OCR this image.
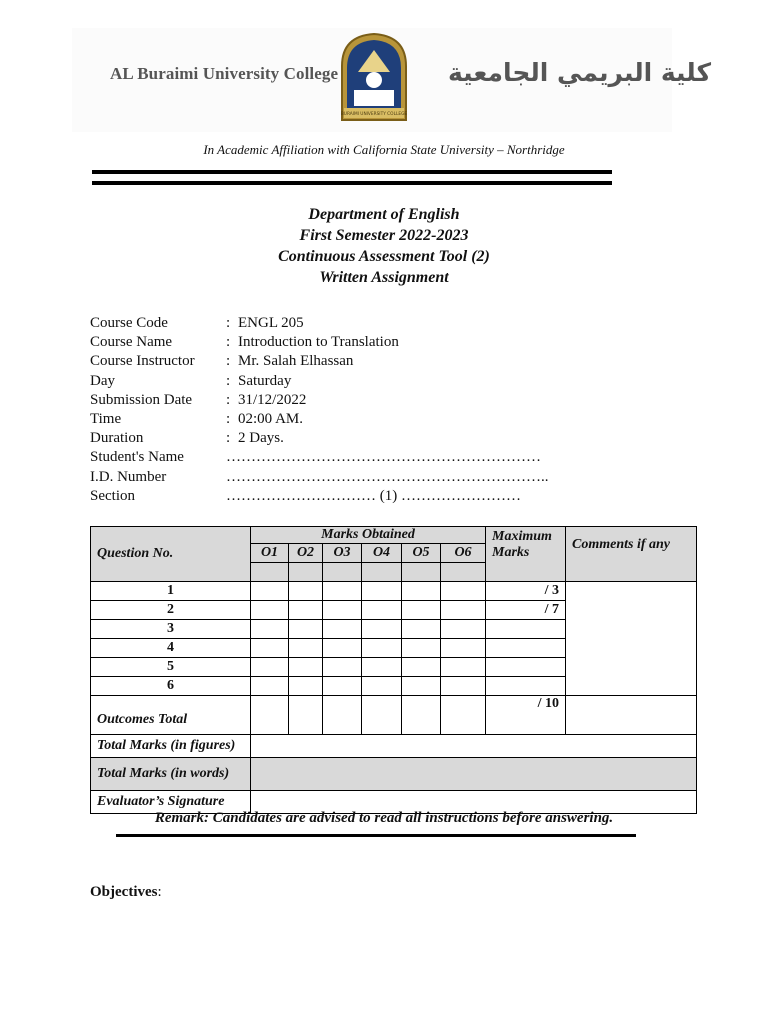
AL Buraimi University College
BURAIMI UNIVERSITY COLLEGE
كلية البريمي الجامعية
In Academic Affiliation with California State University – Northridge
Department of English
First Semester 2022-2023
Continuous Assessment Tool (2)
Written Assignment
Course Code	: ENGL 205
Course Name	: Introduction to Translation
Course Instructor	: Mr. Salah Elhassan
Day	: Saturday
Submission Date	: 31/12/2022
Time	: 02:00 AM.
Duration	: 2 Days.
Student's Name	………………………………………………………
I.D. Number	………………………………………………………..
Section	………………………… (1) ……………………
Question No.	Marks Obtained						Maximum Marks	Comments if any
	O1	O2	O3	O4	O5	O6		

1							/ 3	
2							/ 7	
3								
4								
5								
6								
Outcomes Total							/ 10	
Total Marks (in figures)								
Total Marks (in words)								
Evaluator’s Signature								
Remark: Candidates are advised to read all instructions before answering.
Objectives:
